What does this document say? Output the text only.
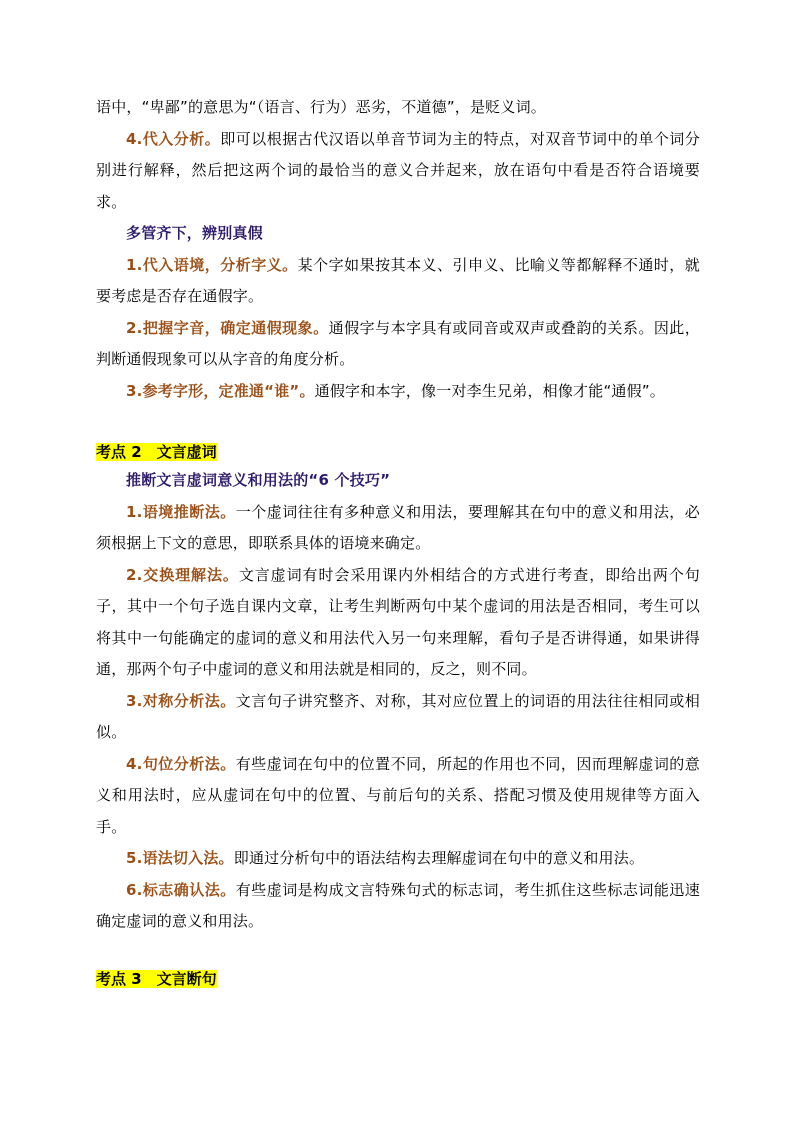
语中，“卑鄙”的意思为“（语言、行为）恶劣，不道德”，是贬义词。

4.代入分析。即可以根据古代汉语以单音节词为主的特点，对双音节词中的单个词分别进行解释，然后把这两个词的最恰当的意义合并起来，放在语句中看是否符合语境要求。

多管齐下，辨别真假

1.代入语境，分析字义。某个字如果按其本义、引申义、比喻义等都解释不通时，就要考虑是否存在通假字。

2.把握字音，确定通假现象。通假字与本字具有或同音或双声或叠韵的关系。因此，判断通假现象可以从字音的角度分析。

3.参考字形，定准通“谁”。通假字和本字，像一对李生兄弟，相像才能“通假”。

考点 2　文言虚词

推断文言虚词意义和用法的“6 个技巧”

1.语境推断法。一个虚词往往有多种意义和用法，要理解其在句中的意义和用法，必须根据上下文的意思，即联系具体的语境来确定。

2.交换理解法。文言虚词有时会采用课内外相结合的方式进行考查，即给出两个句子，其中一个句子选自课内文章，让考生判断两句中某个虚词的用法是否相同，考生可以将其中一句能确定的虚词的意义和用法代入另一句来理解，看句子是否讲得通，如果讲得通，那两个句子中虚词的意义和用法就是相同的，反之，则不同。

3.对称分析法。文言句子讲究整齐、对称，其对应位置上的词语的用法往往相同或相似。

4.句位分析法。有些虚词在句中的位置不同，所起的作用也不同，因而理解虚词的意义和用法时，应从虚词在句中的位置、与前后句的关系、搭配习惯及使用规律等方面入手。

5.语法切入法。即通过分析句中的语法结构去理解虚词在句中的意义和用法。

6.标志确认法。有些虚词是构成文言特殊句式的标志词，考生抓住这些标志词能迅速确定虚词的意义和用法。

考点 3　文言断句
